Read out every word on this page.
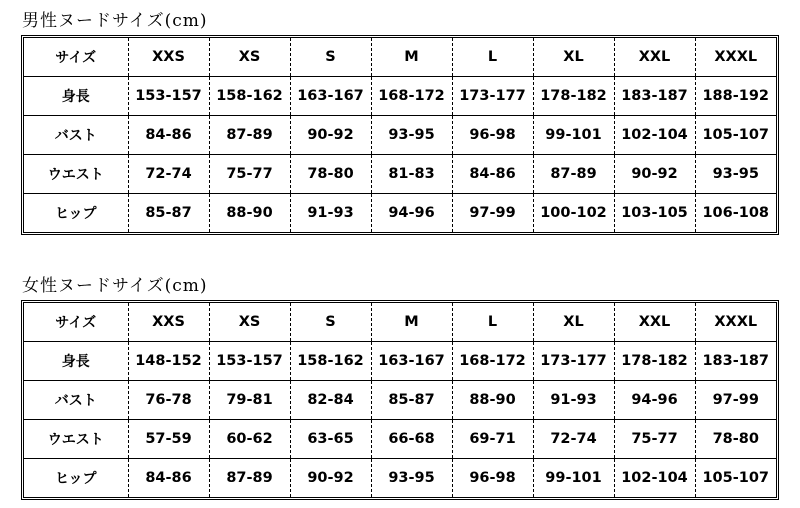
男性ヌードサイズ(cm)
サイズ	XXS	XS	S	M	L	XL	XXL	XXXL
身長	153-157	158-162	163-167	168-172	173-177	178-182	183-187	188-192
バスト	84-86	87-89	90-92	93-95	96-98	99-101	102-104	105-107
ウエスト	72-74	75-77	78-80	81-83	84-86	87-89	90-92	93-95
ヒップ	85-87	88-90	91-93	94-96	97-99	100-102	103-105	106-108
女性ヌードサイズ(cm)
サイズ	XXS	XS	S	M	L	XL	XXL	XXXL
身長	148-152	153-157	158-162	163-167	168-172	173-177	178-182	183-187
バスト	76-78	79-81	82-84	85-87	88-90	91-93	94-96	97-99
ウエスト	57-59	60-62	63-65	66-68	69-71	72-74	75-77	78-80
ヒップ	84-86	87-89	90-92	93-95	96-98	99-101	102-104	105-107
